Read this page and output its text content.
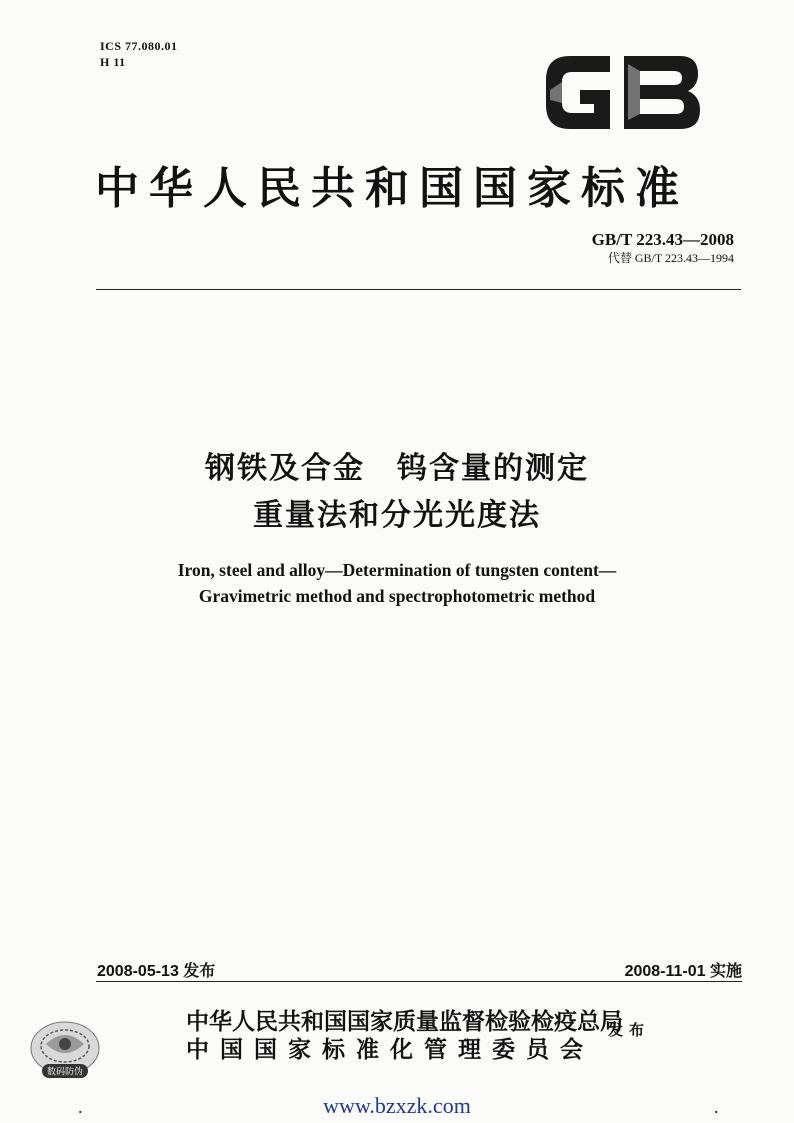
ICS 77.080.01
H 11
中华人民共和国国家标准
GB/T 223.43—2008
代替 GB/T 223.43—1994
钢铁及合金　钨含量的测定
重量法和分光光度法
Iron, steel and alloy—Determination of tungsten content—
Gravimetric method and spectrophotometric method
2008-05-13 发布	2008-11-01 实施
数码防伪
中华人民共和国国家质量监督检验检疫总局
中国国家标准化管理委员会
发布
.	www.bzxzk.com	.
